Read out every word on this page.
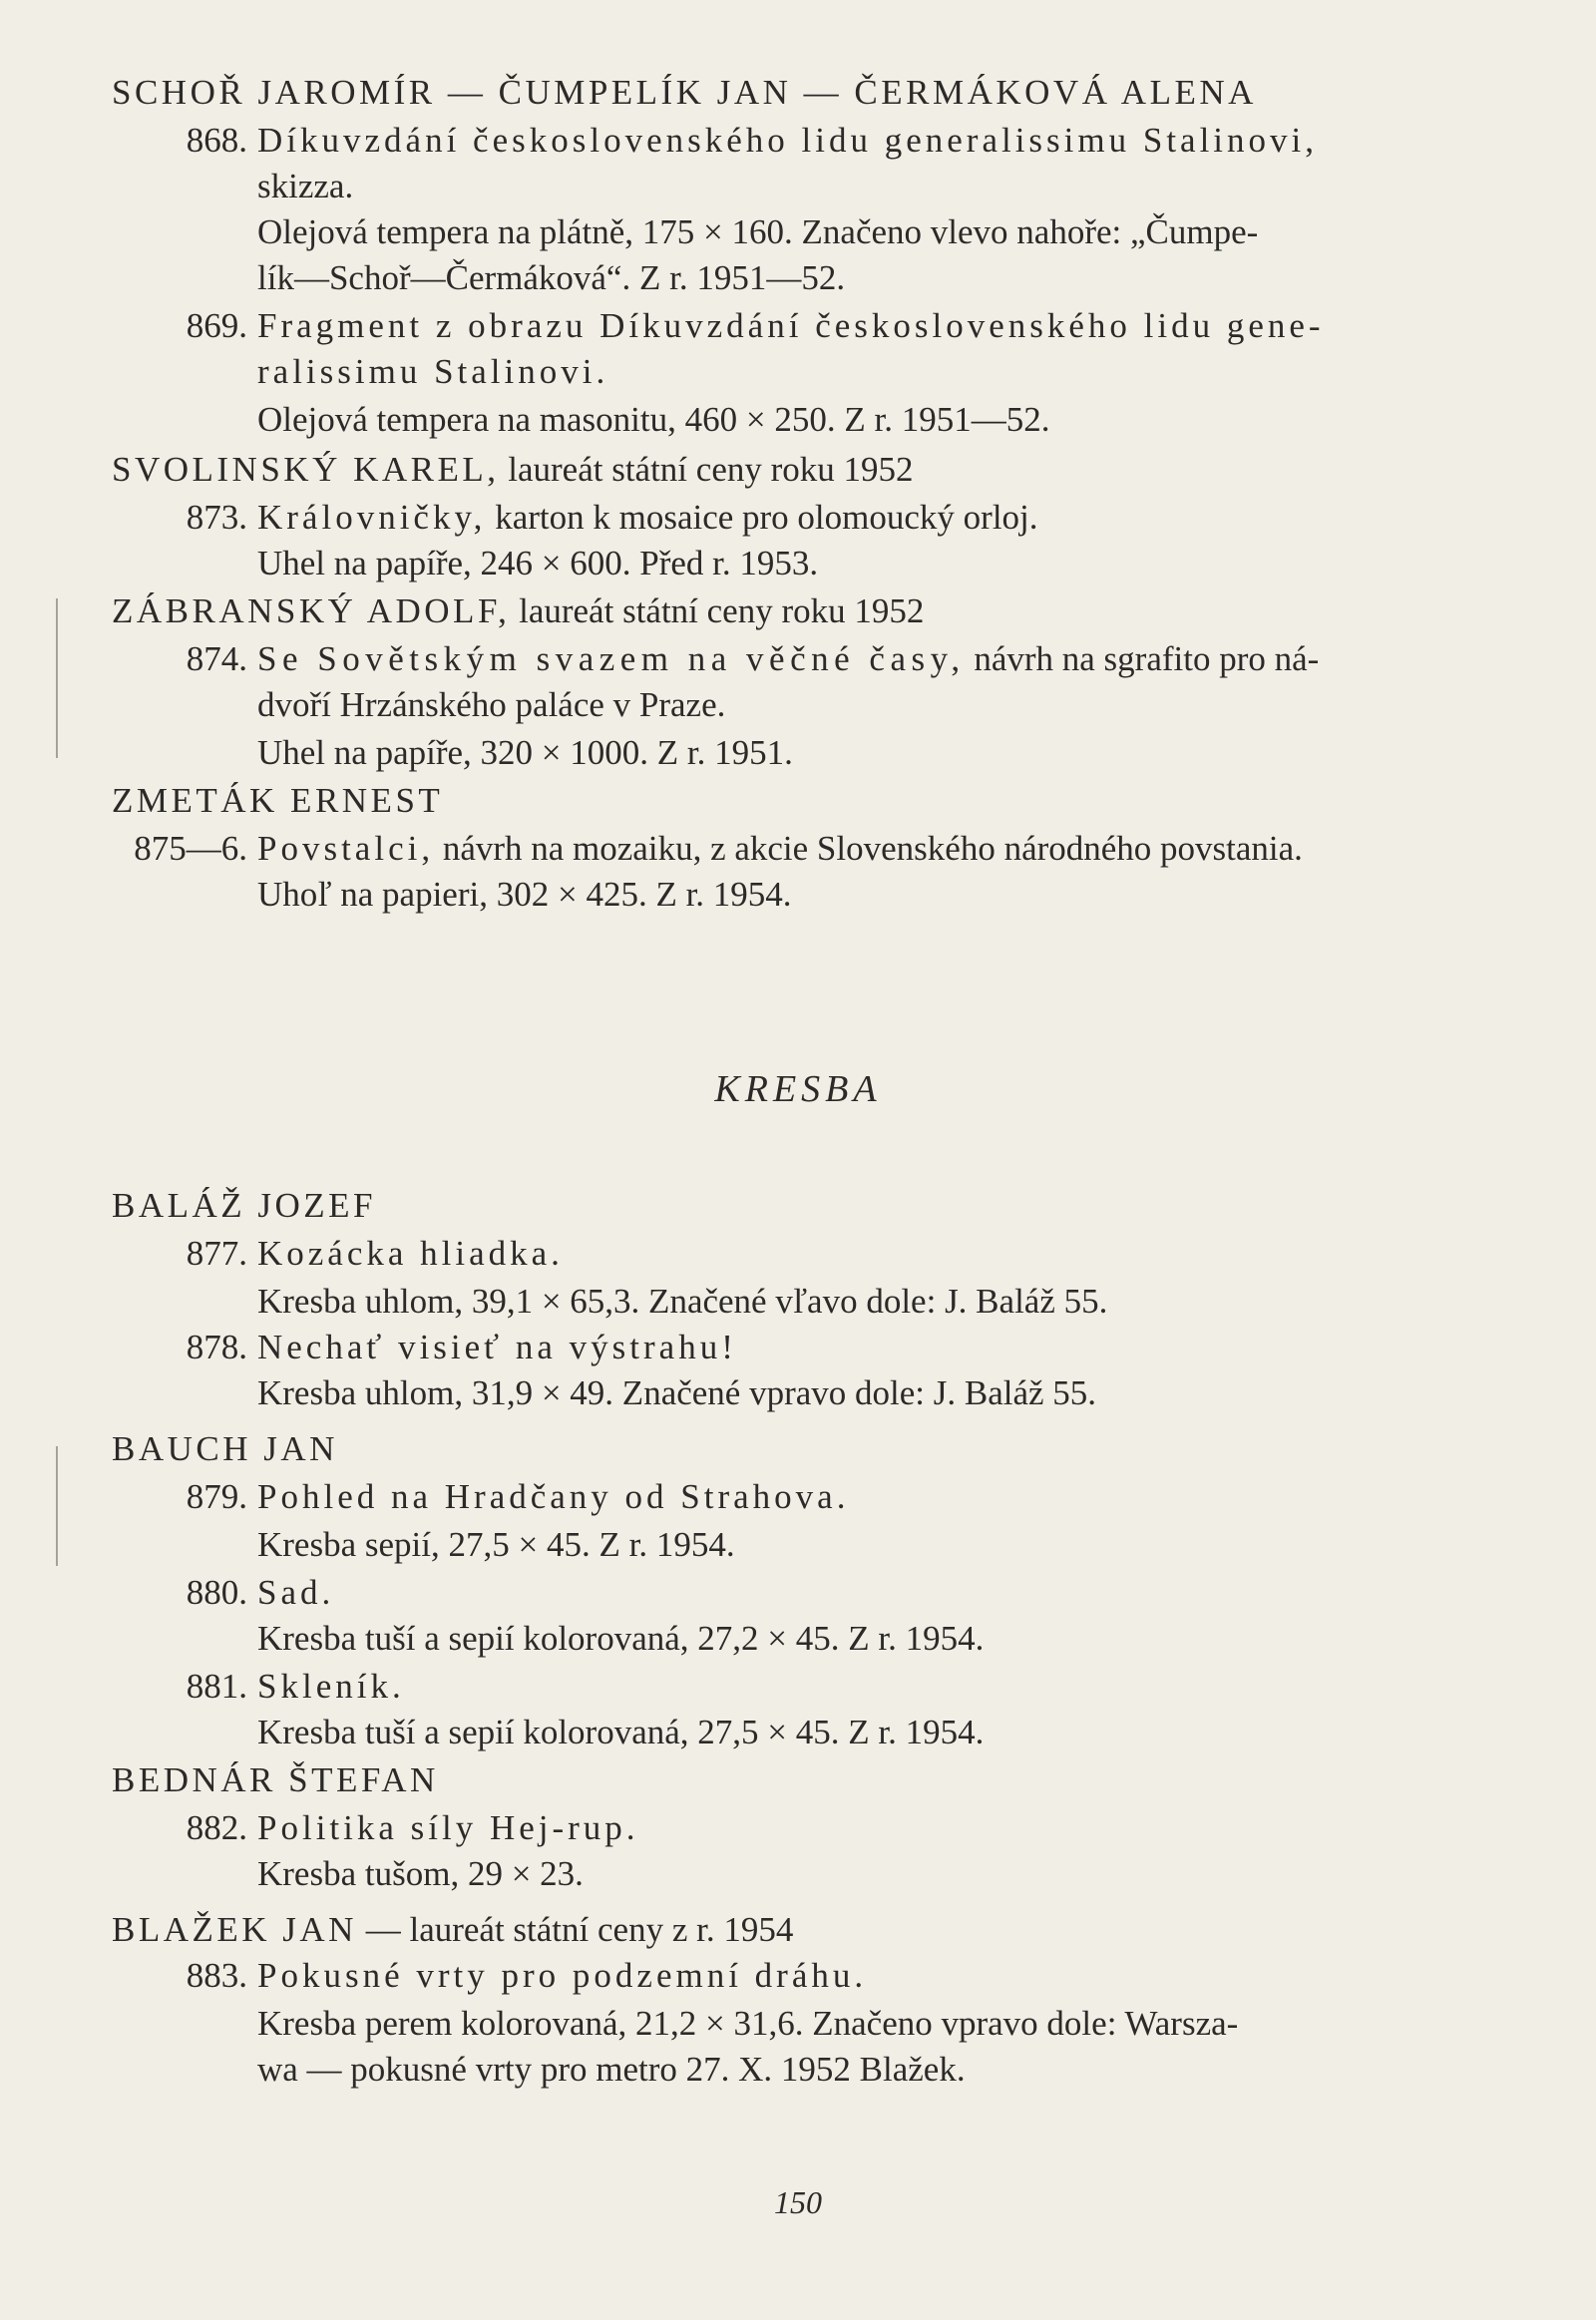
SCHOŘ JAROMÍR — ČUMPELÍK JAN — ČERMÁKOVÁ ALENA
868. Díkuvzdání československého lidu generalissimu Stalinovi,
skizza.
Olejová tempera na plátně, 175 × 160. Značeno vlevo nahoře: „Čumpe-
lík—Schoř—Čermáková“. Z r. 1951—52.
869. Fragment z obrazu Díkuvzdání československého lidu gene-
ralissimu Stalinovi.
Olejová tempera na masonitu, 460 × 250. Z r. 1951—52.
SVOLINSKÝ KAREL, laureát státní ceny roku 1952
873. Královničky, karton k mosaice pro olomoucký orloj.
Uhel na papíře, 246 × 600. Před r. 1953.
ZÁBRANSKÝ ADOLF, laureát státní ceny roku 1952
874. Se Sovětským svazem na věčné časy, návrh na sgrafito pro ná-
dvoří Hrzánského paláce v Praze.
Uhel na papíře, 320 × 1000. Z r. 1951.
ZMETÁK ERNEST
875—6. Povstalci, návrh na mozaiku, z akcie Slovenského národného povstania.
Uhoľ na papieri, 302 × 425. Z r. 1954.
KRESBA
BALÁŽ JOZEF
877. Kozácka hliadka.
Kresba uhlom, 39,1 × 65,3. Značené vľavo dole: J. Baláž 55.
878. Nechať visieť na výstrahu!
Kresba uhlom, 31,9 × 49. Značené vpravo dole: J. Baláž 55.
BAUCH JAN
879. Pohled na Hradčany od Strahova.
Kresba sepií, 27,5 × 45. Z r. 1954.
880. Sad.
Kresba tuší a sepií kolorovaná, 27,2 × 45. Z r. 1954.
881. Skleník.
Kresba tuší a sepií kolorovaná, 27,5 × 45. Z r. 1954.
BEDNÁR ŠTEFAN
882. Politika síly Hej-rup.
Kresba tušom, 29 × 23.
BLAŽEK JAN — laureát státní ceny z r. 1954
883. Pokusné vrty pro podzemní dráhu.
Kresba perem kolorovaná, 21,2 × 31,6. Značeno vpravo dole: Warsza-
wa — pokusné vrty pro metro 27. X. 1952 Blažek.
150
